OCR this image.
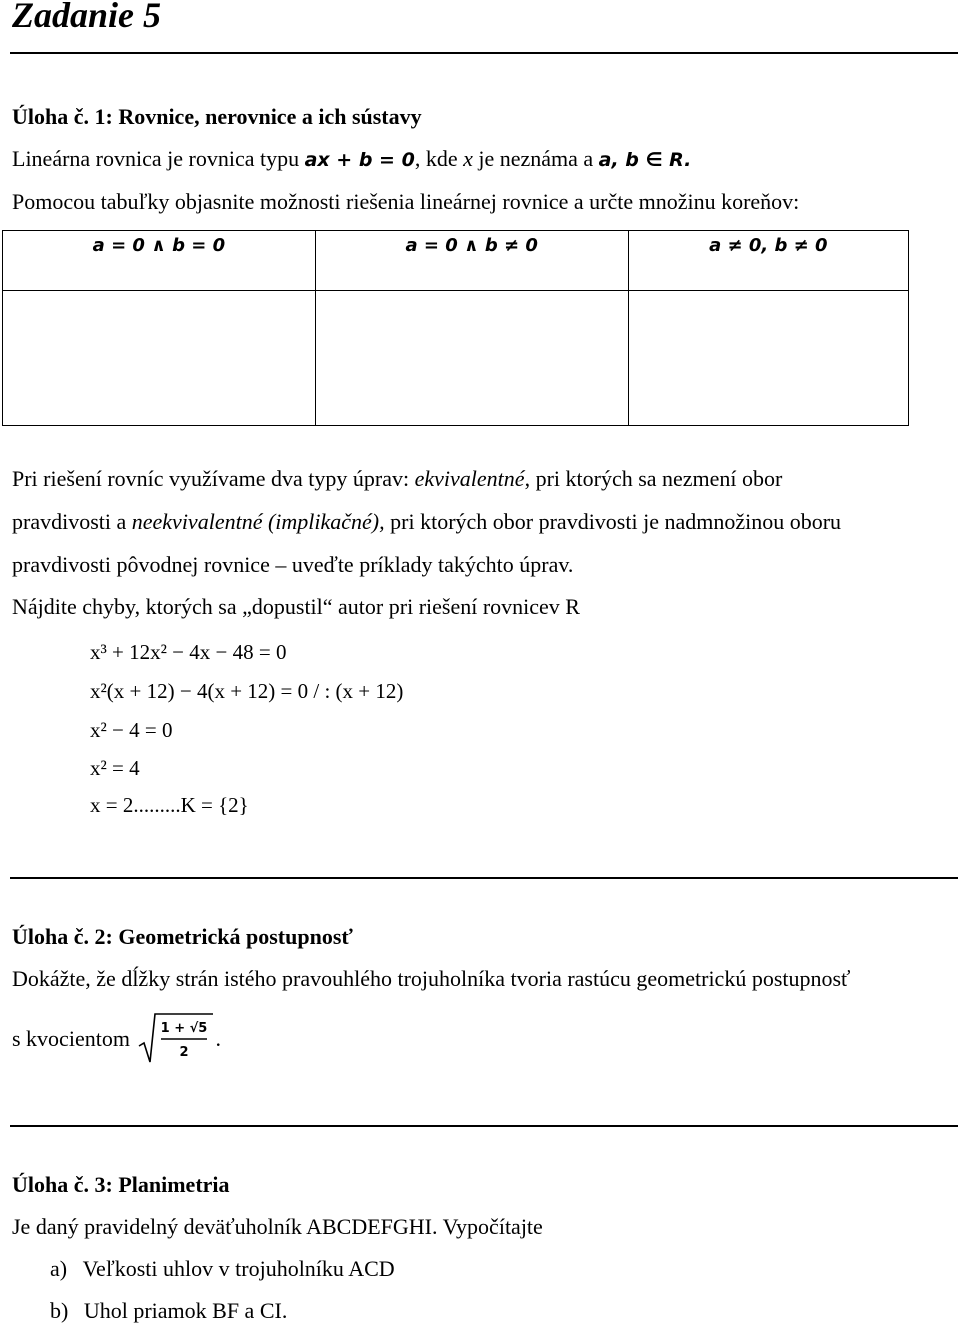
Zadanie 5
Úloha č. 1: Rovnice, nerovnice a ich sústavy
Lineárna rovnica je rovnica typu ax + b = 0, kde x je neznáma a a, b ∈ R.
Pomocou tabuľky objasnite možnosti riešenia lineárnej rovnice a určte množinu koreňov:
a = 0 ∧ b = 0	a = 0 ∧ b ≠ 0	a ≠ 0, b ≠ 0

Pri riešení rovníc využívame dva typy úprav: ekvivalentné, pri ktorých sa nezmení obor
pravdivosti a neekvivalentné (implikačné), pri ktorých obor pravdivosti je nadmnožinou oboru
pravdivosti pôvodnej rovnice – uveďte príklady takýchto úprav.
Nájdite chyby, ktorých sa „dopustil“ autor pri riešení rovnicev R
x³ + 12x² − 4x − 48 = 0
x²(x + 12) − 4(x + 12) = 0 / : (x + 12)
x² − 4 = 0
x² = 4
x = 2.........K = {2}
Úloha č. 2: Geometrická postupnosť
Dokážte, že dĺžky strán istého pravouhlého trojuholníka tvoria rastúcu geometrickú postupnosť
s kvocientom 1 + √5
2
.
Úloha č. 3: Planimetria
Je daný pravidelný deväťuholník ABCDEFGHI. Vypočítajte
a) Veľkosti uhlov v trojuholníku ACD
b) Uhol priamok BF a CI.
